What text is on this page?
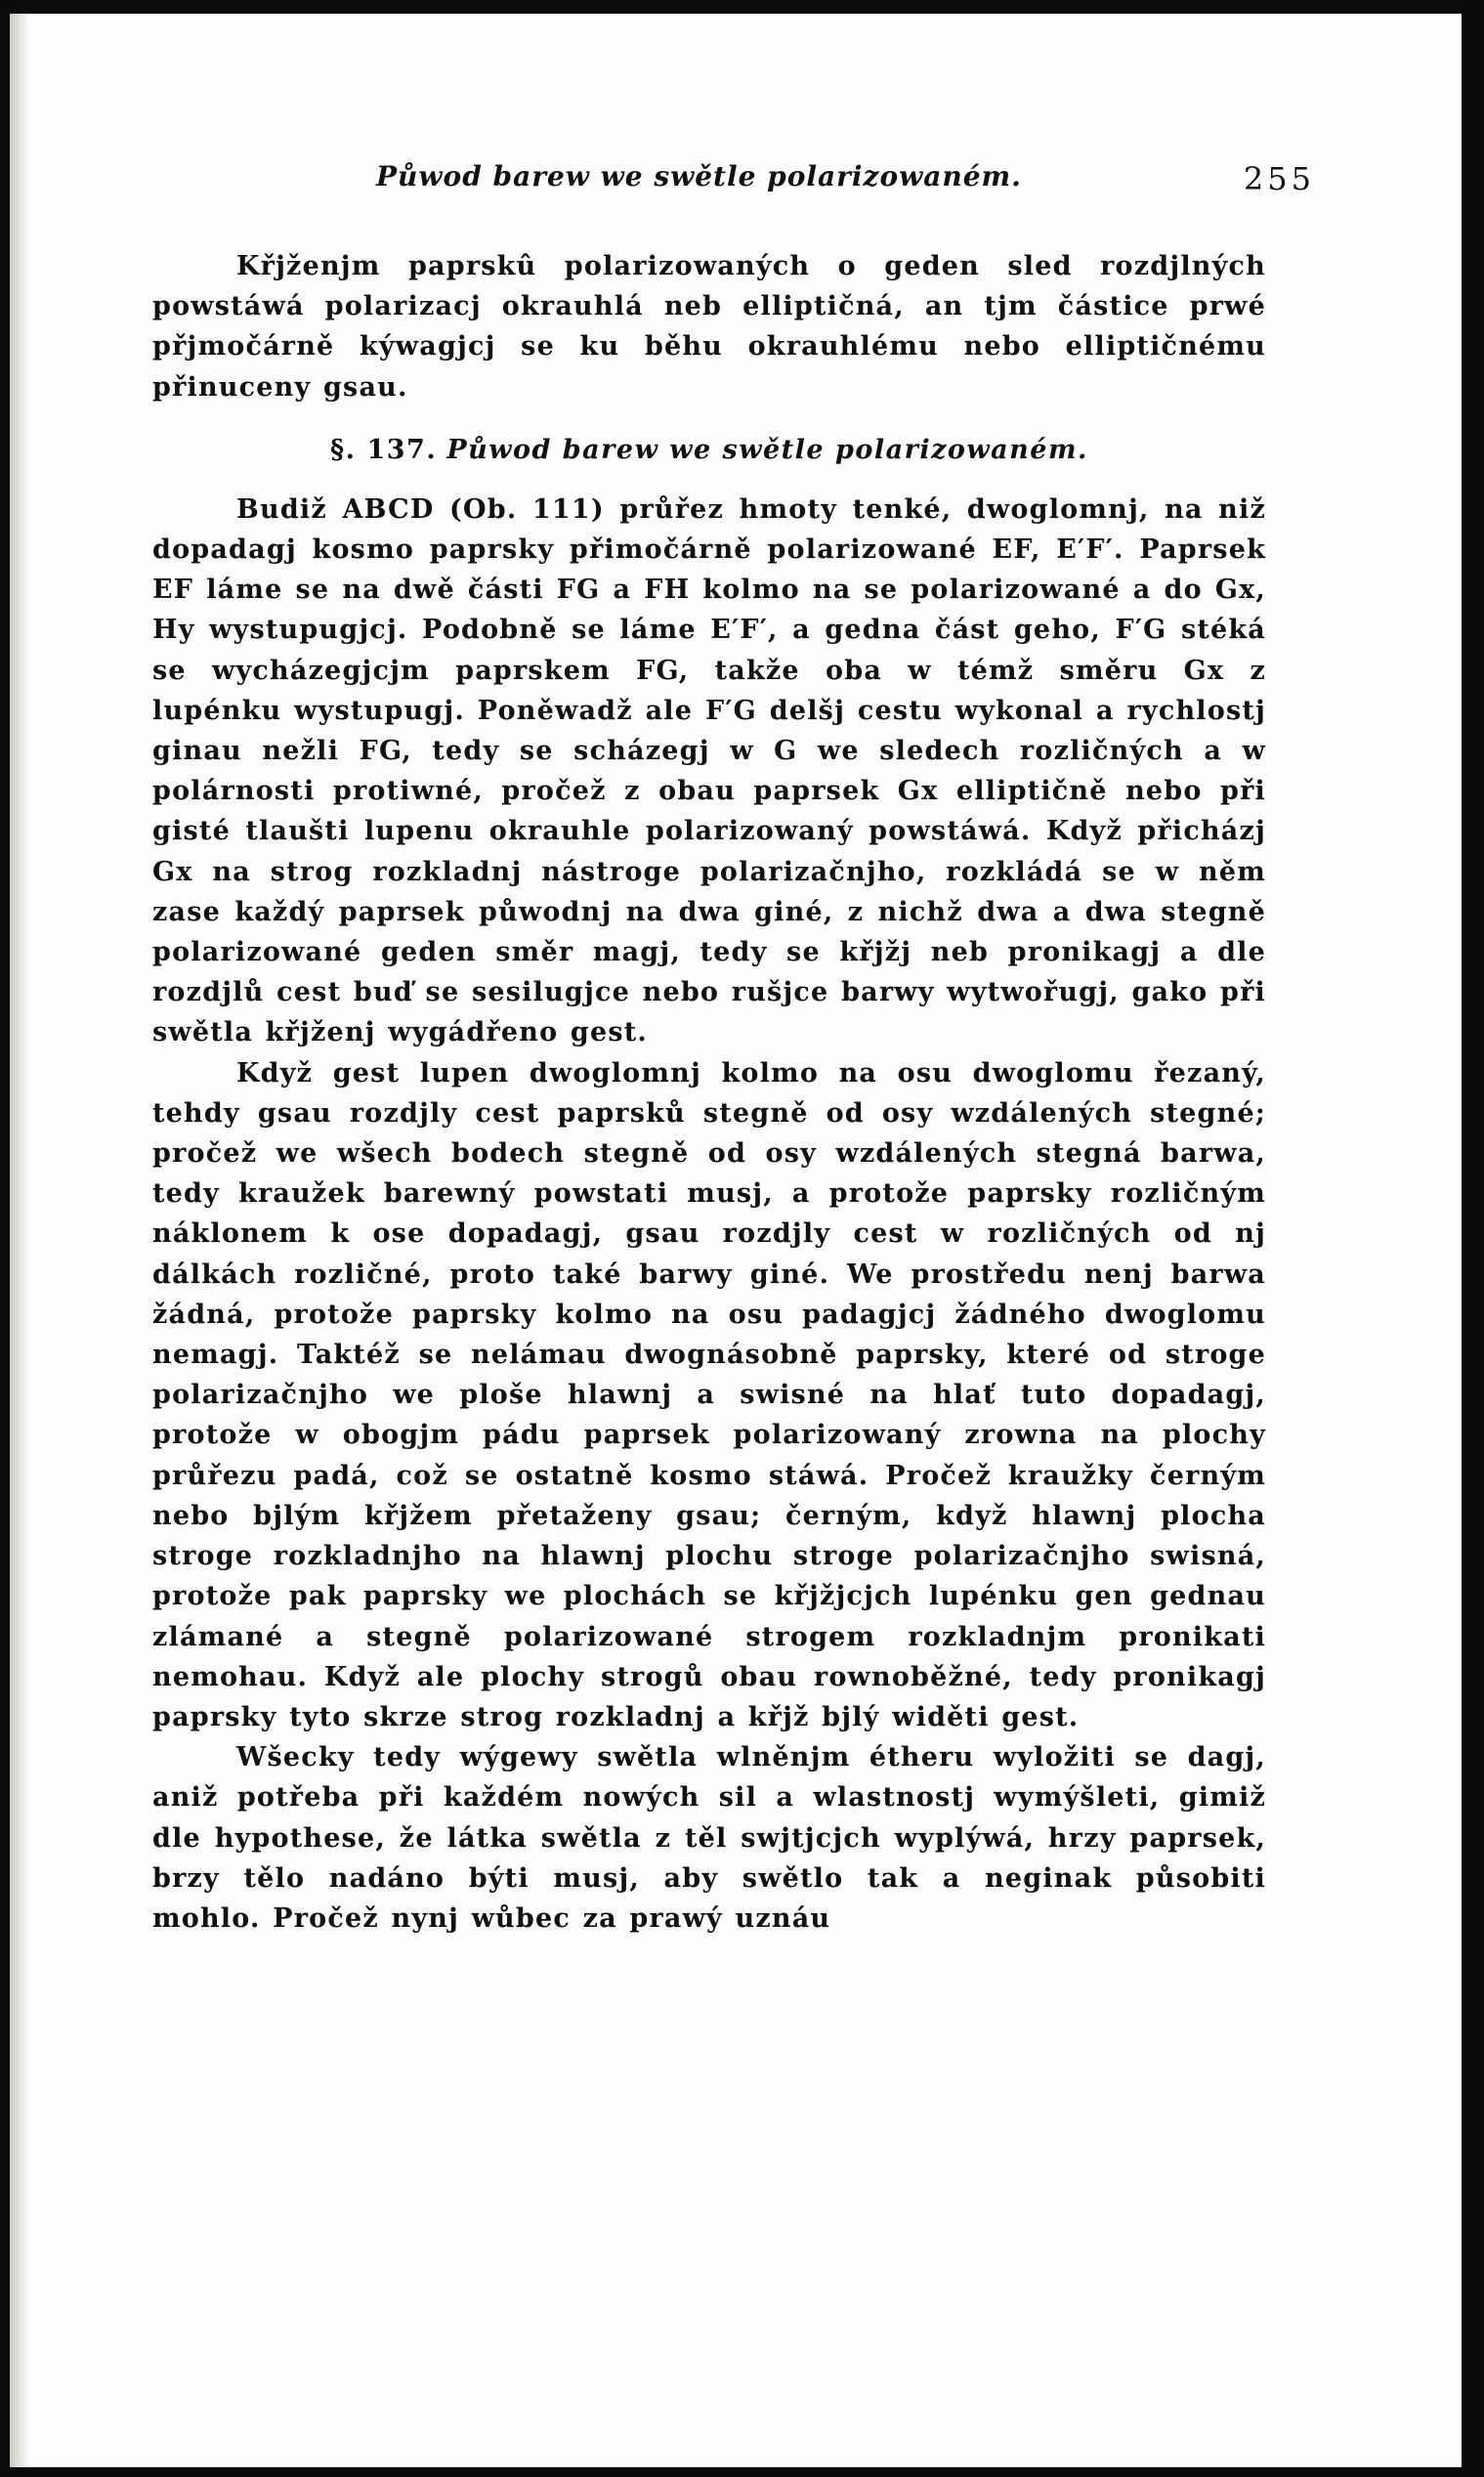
Půwod barew we swětle polarizowaném.	255

Křjženjm paprskû polarizowaných o geden sled rozdjlných powstáwá polarizacj okrauhlá neb elliptičná, an tjm částice prwé přjmočárně kýwagjcj se ku běhu okrauhlému nebo elliptičnému přinuceny gsau.

§. 137. Půwod barew we swětle polarizowaném.

Budiž ABCD (Ob. 111) průřez hmoty tenké, dwoglomnj, na niž dopadagj kosmo paprsky přimočárně polarizowané EF, E′F′. Paprsek EF láme se na dwě části FG a FH kolmo na se polarizowané a do Gx, Hy wystupugjcj. Podobně se láme E′F′, a gedna část geho, F′G stéká se wycházegjcjm paprskem FG, takže oba w témž směru Gx z lupénku wystupugj. Poněwadž ale F′G delšj cestu wykonal a rychlostj ginau nežli FG, tedy se scházegj w G we sledech rozličných a w polárnosti protiwné, pročež z obau paprsek Gx elliptičně nebo při gisté tlaušti lupenu okrauhle polarizowaný powstáwá. Když přicházj Gx na strog rozkladnj nástroge polarizačnjho, rozkládá se w něm zase každý paprsek půwodnj na dwa giné, z nichž dwa a dwa stegně polarizowané geden směr magj, tedy se křjžj neb pronikagj a dle rozdjlů cest buď se sesilugjce nebo rušjce barwy wytwořugj, gako při swětla křjženj wygádřeno gest.

Když gest lupen dwoglomnj kolmo na osu dwoglomu řezaný, tehdy gsau rozdjly cest paprsků stegně od osy wzdálených stegné; pročež we wšech bodech stegně od osy wzdálených stegná barwa, tedy kraužek barewný powstati musj, a protože paprsky rozličným náklonem k ose dopadagj, gsau rozdjly cest w rozličných od nj dálkách rozličné, proto také barwy giné. We prostředu nenj barwa žádná, protože paprsky kolmo na osu padagjcj žádného dwoglomu nemagj. Taktéž se nelámau dwognásobně paprsky, které od stroge polarizačnjho we ploše hlawnj a swisné na hlať tuto dopadagj, protože w obogjm pádu paprsek polarizowaný zrowna na plochy průřezu padá, což se ostatně kosmo stáwá. Pročež kraužky černým nebo bjlým křjžem přetaženy gsau; černým, když hlawnj plocha stroge rozkladnjho na hlawnj plochu stroge polarizačnjho swisná, protože pak paprsky we plochách se křjžjcjch lupénku gen gednau zlámané a stegně polarizowané strogem rozkladnjm pronikati nemohau. Když ale plochy strogů obau rownoběžné, tedy pronikagj paprsky tyto skrze strog rozkladnj a křjž bjlý widěti gest.

Wšecky tedy wýgewy swětla wlněnjm étheru wyložiti se dagj, aniž potřeba při každém nowých sil a wlastnostj wymýšleti, gimiž dle hypothese, že látka swětla z těl swjtjcjch wyplýwá, hrzy paprsek, brzy tělo nadáno býti musj, aby swětlo tak a neginak působiti mohlo. Pročež nynj wůbec za prawý uznáu
